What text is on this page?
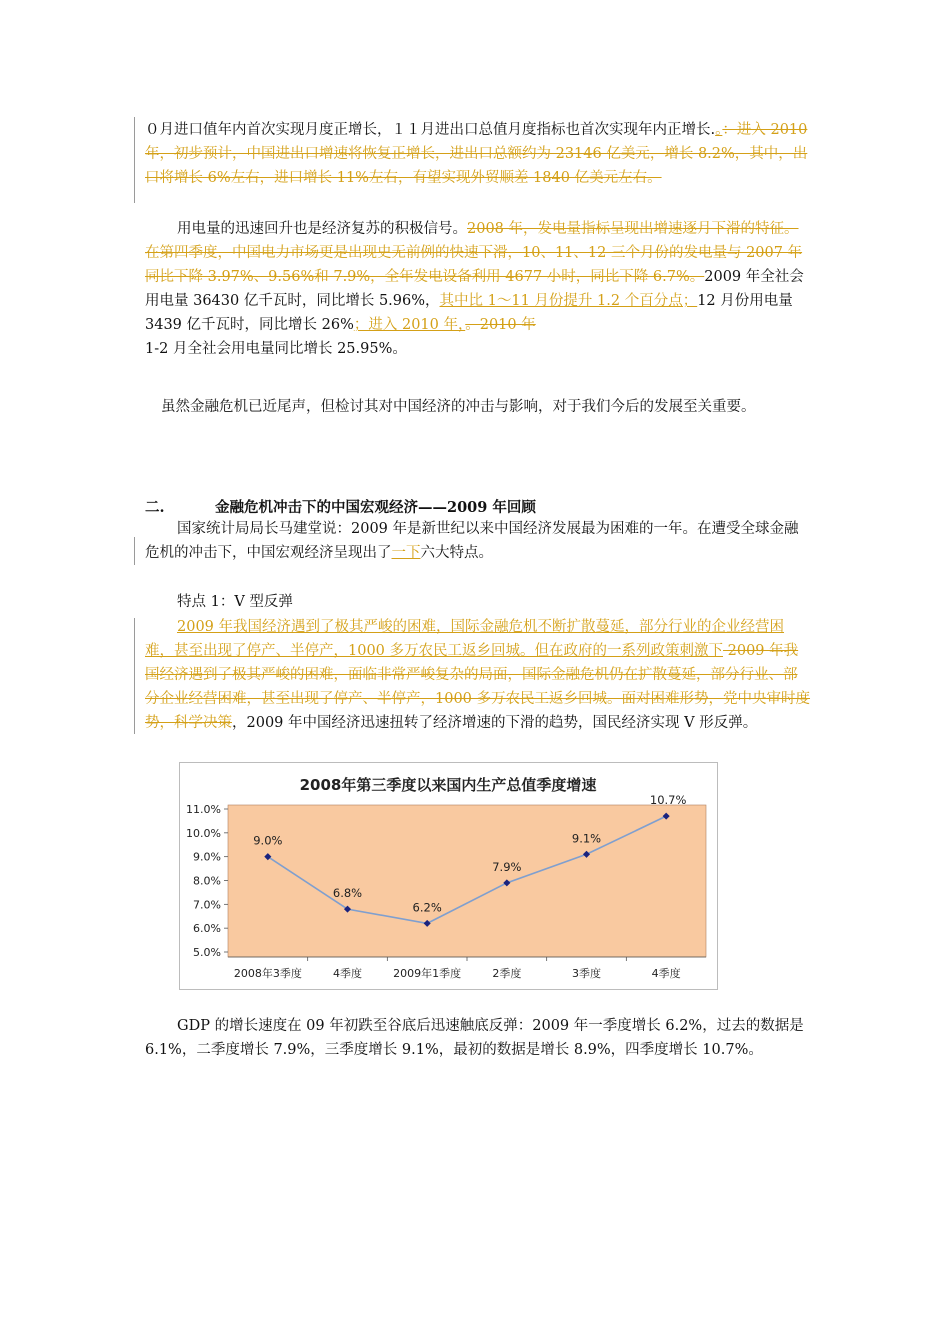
０月进口值年内首次实现月度正增长，１１月进出口总值月度指标也首次实现年内正增长.。：进入 2010 年，初步预计，中国进出口增速将恢复正增长，进出口总额约为 23146 亿美元，增长 8.2%，其中，出口将增长 6%左右，进口增长 11%左右，有望实现外贸顺差 1840 亿美元左右。

用电量的迅速回升也是经济复苏的积极信号。2008 年，发电量指标呈现出增速逐月下滑的特征。在第四季度，中国电力市场更是出现史无前例的快速下滑，10、11、12 三个月份的发电量与 2007 年同比下降 3.97%、9.56%和 7.9%，全年发电设备利用 4677 小时，同比下降 6.7%。2009 年全社会用电量 36430 亿千瓦时，同比增长 5.96%，其中比 1～11 月份提升 1.2 个百分点；12 月份用电量 3439 亿千瓦时，同比增长 26%；进入 2010 年，。2010 年
1-2 月全社会用电量同比增长 25.95%。

虽然金融危机已近尾声，但检讨其对中国经济的冲击与影响，对于我们今后的发展至关重要。

二.	金融危机冲击下的中国宏观经济——2009 年回顾

国家统计局局长马建堂说：2009 年是新世纪以来中国经济发展最为困难的一年。在遭受全球金融危机的冲击下，中国宏观经济呈现出了一下六大特点。

特点 1：V 型反弹

2009 年我国经济遇到了极其严峻的困难，国际金融危机不断扩散蔓延，部分行业的企业经营困难，甚至出现了停产、半停产，1000 多万农民工返乡回城。但在政府的一系列政策刺激下 2009 年我国经济遇到了极其严峻的困难，面临非常严峻复杂的局面，国际金融危机仍在扩散蔓延，部分行业、部分企业经营困难，甚至出现了停产、半停产，1000 多万农民工返乡回城。面对困难形势，党中央审时度势，科学决策，2009 年中国经济迅速扭转了经济增速的下滑的趋势，国民经济实现 V 形反弹。

2008年第三季度以来国内生产总值季度增速
5.0%
6.0%
7.0%
8.0%
9.0%
10.0%
11.0%
2008年3季度	4季度	2009年1季度	2季度	3季度	4季度
9.0%
6.8%
6.2%
7.9%
9.1%
10.7%

GDP 的增长速度在 09 年初跌至谷底后迅速触底反弹：2009 年一季度增长 6.2%，过去的数据是 6.1%，二季度增长 7.9%，三季度增长 9.1%，最初的数据是增长 8.9%，四季度增长 10.7%。
